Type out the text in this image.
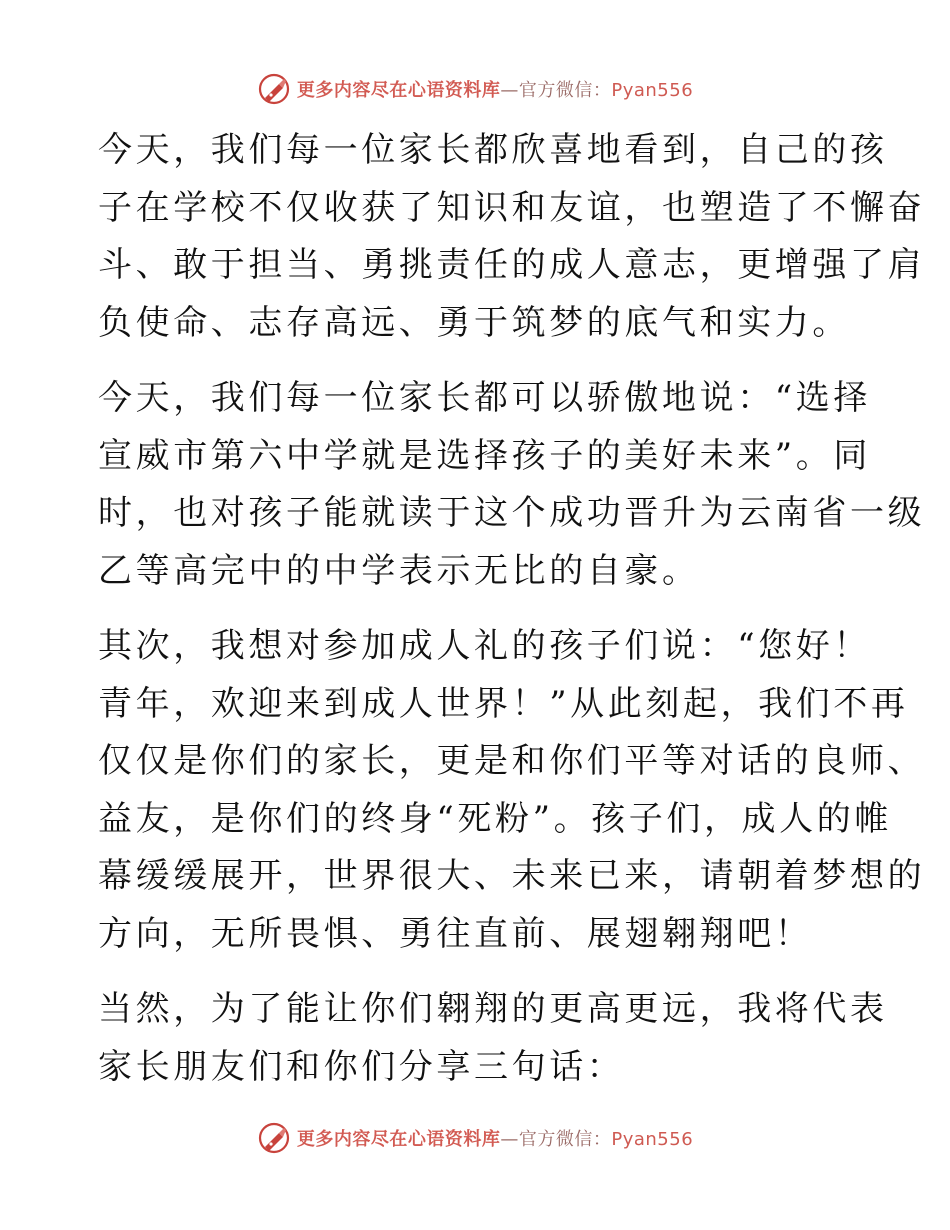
更多内容尽在心语资料库—官方微信：Pyan556

今天，我们每一位家长都欣喜地看到，自己的孩
子在学校不仅收获了知识和友谊，也塑造了不懈奋
斗、敢于担当、勇挑责任的成人意志，更增强了肩
负使命、志存高远、勇于筑梦的底气和实力。

今天，我们每一位家长都可以骄傲地说：“选择
宣威市第六中学就是选择孩子的美好未来”。同
时，也对孩子能就读于这个成功晋升为云南省一级
乙等高完中的中学表示无比的自豪。

其次，我想对参加成人礼的孩子们说：“您好！
青年，欢迎来到成人世界！”从此刻起，我们不再
仅仅是你们的家长，更是和你们平等对话的良师、
益友，是你们的终身“死粉”。孩子们，成人的帷
幕缓缓展开，世界很大、未来已来，请朝着梦想的
方向，无所畏惧、勇往直前、展翅翱翔吧！

当然，为了能让你们翱翔的更高更远，我将代表
家长朋友们和你们分享三句话：

更多内容尽在心语资料库—官方微信：Pyan556
